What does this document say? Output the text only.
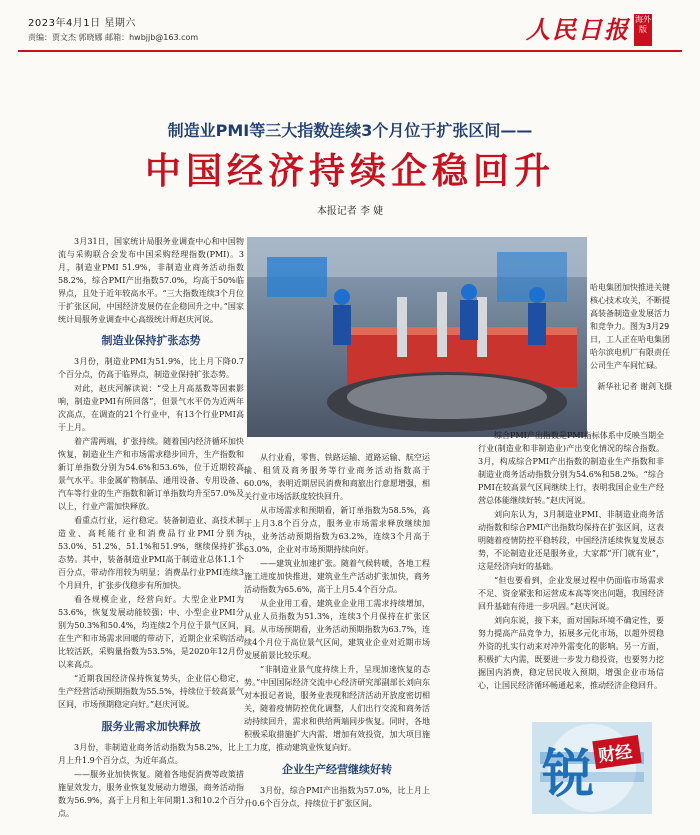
2023年4月1日 星期六
责编：贾文杰 郭晓娜 邮箱：hwbjjb@163.com	人民日报 海外版
制造业PMI等三大指数连续3个月位于扩张区间——
中国经济持续企稳回升
本报记者 李 婕
3月31日，国家统计局服务业调查中心和中国物流与采购联合会发布中国采购经理指数(PMI)。3月，制造业PMI 51.9%，非制造业商务活动指数58.2%，综合PMI产出指数57.0%，均高于50%临界点，且处于近年较高水平。“三大指数连续3个月位于扩张区间，中国经济发展仍在企稳回升之中。”国家统计局服务业调查中心高级统计师赵庆河说。
制造业保持扩张态势

3月份，制造业PMI为51.9%，比上月下降0.7个百分点，仍高于临界点，制造业保持扩张态势。

对此，赵庆河解读说：“受上月高基数等因素影响，制造业PMI有所回落”，但景气水平仍为近两年次高点，在调查的21个行业中，有13个行业PMI高于上月。

着产需两端，扩张持续。随着国内经济循环加快恢复，制造业生产和市场需求稳步回升，生产指数和新订单指数分别为54.6%和53.6%，位于近期较高景气水平。非金属矿物制品、通用设备、专用设备、汽车等行业的生产指数和新订单指数均升至57.0%及以上，行业产需加快释放。

看重点行业，运行稳定。装备制造业、高技术制造业、高耗能行业和消费品行业PMI分别为53.0%、51.2%、51.1%和51.9%，继续保持扩张态势。其中，装备制造业PMI高于制造业总体1.1个百分点，带动作用较为明显；消费品行业PMI连续3个月回升，扩张步伐稳步有所加快。

看各规模企业，经营向好。大型企业PMI为53.6%，恢复发展动能较强；中、小型企业PMI分别为50.3%和50.4%，均连续2个月位于景气区间，在生产和市场需求回暖的带动下，近期企业采购活动比较活跃，采购量指数为53.5%，是2020年12月份以来高点。

“近期我国经济保持恢复势头，企业信心稳定，生产经营活动预期指数为55.5%，持续位于较高景气区间，市场预期稳定向好。”赵庆河说。

服务业需求加快释放

3月份，非制造业商务活动指数为58.2%，比上月上升1.9个百分点，为近年高点。

——服务业加快恢复。随着各地促消费等政策措施显效发力，服务业恢复发展动力增强，商务活动指数为56.9%，高于上月和上年同期1.3和10.2个百分点。

哈电集团加快推进关键核心技术攻关，不断提高装备制造业发展活力和竞争力。图为3月29日，工人正在哈电集团哈尔滨电机厂有限责任公司生产车间忙碌。
新华社记者 谢剑飞摄

从行业看，零售、铁路运输、道路运输、航空运输、租赁及商务服务等行业商务活动指数高于60.0%，表明近期居民消费和商旅出行意愿增强，相关行业市场活跃度较快回升。

从市场需求和预期看，新订单指数为58.5%，高于上月3.8个百分点，服务业市场需求释放继续加快，业务活动预期指数为63.2%，连续3个月高于63.0%，企业对市场预期持续向好。

——建筑业加速扩张。随着气候转暖，各地工程施工进度加快推进，建筑业生产活动扩张加快，商务活动指数为65.6%，高于上月5.4个百分点。

从企业用工看，建筑业企业用工需求持续增加，从业人员指数为51.3%，连续3个月保持在扩张区间。从市场预期看，业务活动预期指数为63.7%，连续4个月位于高位景气区间，建筑业企业对近期市场发展前景比较乐观。

“非制造业景气度持续上升，呈现加速恢复的态势。”中国国际经济交流中心经济研究部副部长刘向东对本报记者说，服务业表现和经济活动开放度密切相关，随着疫情防控优化调整，人们出行交流和商务活动持续回升，需求和供给两端同步恢复。同时，各地积极采取措施扩大内需、增加有效投资，加大项目施工力度，推动建筑业恢复向好。

企业生产经营继续好转

3月份，综合PMI产出指数为57.0%，比上月上升0.6个百分点，持续位于扩张区间。

综合PMI产出指数是PMI指标体系中反映当期全行业(制造业和非制造业)产出变化情况的综合指数。3月，构成综合PMI产出指数的制造业生产指数和非制造业商务活动指数分别为54.6%和58.2%。“综合PMI在较高景气区间继续上行，表明我国企业生产经营总体能继续好转。”赵庆河说。

刘向东认为，3月制造业PMI、非制造业商务活动指数和综合PMI产出指数均保持在扩张区间，这表明随着疫情防控平稳转段，中国经济延续恢复发展态势，不论制造业还是服务业，大家都“开门就有业”，这是经济向好的基础。

“但也要看到，企业发展过程中仍面临市场需求不足、资金紧张和运营成本高等突出问题，我国经济回升基础有待进一步巩固。”赵庆河说。

刘向东说，接下来，面对国际环境不确定性，要努力提高产品竞争力，拓展多元化市场，以超外贸稳外资的扎实行动来对冲外需变化的影响。另一方面，积极扩大内需，既要进一步发力稳投资，也要努力挖掘国内消费，稳定居民收入预期，增强企业市场信心，让国民经济循环畅通起来，推动经济企稳回升。

锐 财经
